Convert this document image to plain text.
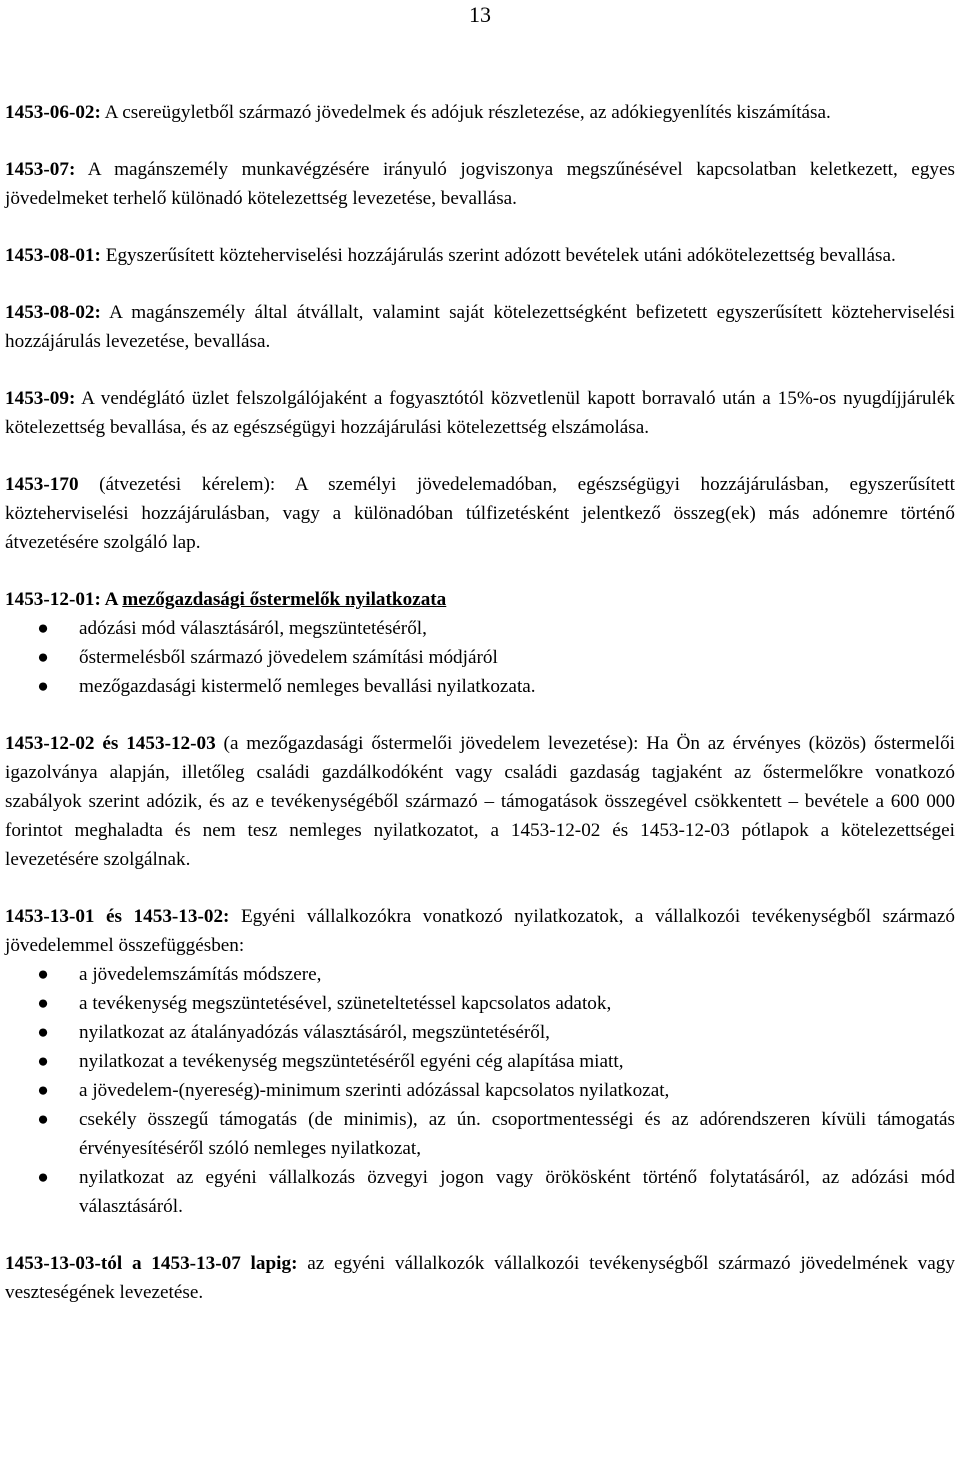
13

1453-06-02: A csereügyletből származó jövedelmek és adójuk részletezése, az adókiegyenlítés kiszámítása.

1453-07: A magánszemély munkavégzésére irányuló jogviszonya megszűnésével kapcsolatban keletkezett, egyes jövedelmeket terhelő különadó kötelezettség levezetése, bevallása.

1453-08-01: Egyszerűsített közteherviselési hozzájárulás szerint adózott bevételek utáni adókötelezettség bevallása.

1453-08-02: A magánszemély által átvállalt, valamint saját kötelezettségként befizetett egyszerűsített közteherviselési hozzájárulás levezetése, bevallása.

1453-09: A vendéglátó üzlet felszolgálójaként a fogyasztótól közvetlenül kapott borravaló után a 15%-os nyugdíjjárulék kötelezettség bevallása, és az egészségügyi hozzájárulási kötelezettség elszámolása.

1453-170 (átvezetési kérelem): A személyi jövedelemadóban, egészségügyi hozzájárulásban, egyszerűsített közteherviselési hozzájárulásban, vagy a különadóban túlfizetésként jelentkező összeg(ek) más adónemre történő átvezetésére szolgáló lap.

1453-12-01: A mezőgazdasági őstermelők nyilatkozata

● adózási mód választásáról, megszüntetéséről,
● őstermelésből származó jövedelem számítási módjáról
● mezőgazdasági kistermelő nemleges bevallási nyilatkozata.

1453-12-02 és 1453-12-03 (a mezőgazdasági őstermelői jövedelem levezetése): Ha Ön az érvényes (közös) őstermelői igazolványa alapján, illetőleg családi gazdálkodóként vagy családi gazdaság tagjaként az őstermelőkre vonatkozó szabályok szerint adózik, és az e tevékenységéből származó – támogatások összegével csökkentett – bevétele a 600 000 forintot meghaladta és nem tesz nemleges nyilatkozatot, a 1453-12-02 és 1453-12-03 pótlapok a kötelezettségei levezetésére szolgálnak.

1453-13-01 és 1453-13-02: Egyéni vállalkozókra vonatkozó nyilatkozatok, a vállalkozói tevékenységből származó jövedelemmel összefüggésben:

● a jövedelemszámítás módszere,
● a tevékenység megszüntetésével, szüneteltetéssel kapcsolatos adatok,
● nyilatkozat az átalányadózás választásáról, megszüntetéséről,
● nyilatkozat a tevékenység megszüntetéséről egyéni cég alapítása miatt,
● a jövedelem-(nyereség)-minimum szerinti adózással kapcsolatos nyilatkozat,
● csekély összegű támogatás (de minimis), az ún. csoportmentességi és az adórendszeren kívüli támogatás érvényesítéséről szóló nemleges nyilatkozat,
● nyilatkozat az egyéni vállalkozás özvegyi jogon vagy örökösként történő folytatásáról, az adózási mód választásáról.

1453-13-03-tól a 1453-13-07 lapig: az egyéni vállalkozók vállalkozói tevékenységből származó jövedelmének vagy veszteségének levezetése.
